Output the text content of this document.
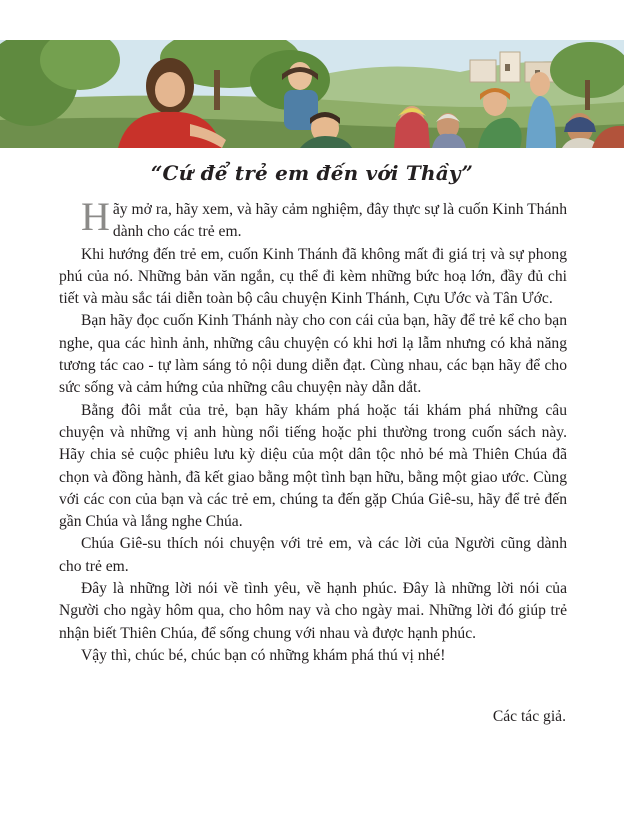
“Cứ để trẻ em đến với Thầy”

Hãy mở ra, hãy xem, và hãy cảm nghiệm, đây thực sự là cuốn Kinh Thánh dành cho các trẻ em.

Khi hướng đến trẻ em, cuốn Kinh Thánh đã không mất đi giá trị và sự phong phú của nó. Những bản văn ngắn, cụ thể đi kèm những bức hoạ lớn, đầy đủ chi tiết và màu sắc tái diễn toàn bộ câu chuyện Kinh Thánh, Cựu Ước và Tân Ước.

Bạn hãy đọc cuốn Kinh Thánh này cho con cái của bạn, hãy để trẻ kể cho bạn nghe, qua các hình ảnh, những câu chuyện có khi hơi lạ lẫm nhưng có khả năng tương tác cao - tự làm sáng tỏ nội dung diễn đạt. Cùng nhau, các bạn hãy để cho sức sống và cảm hứng của những câu chuyện này dẫn dắt.

Bằng đôi mắt của trẻ, bạn hãy khám phá hoặc tái khám phá những câu chuyện và những vị anh hùng nổi tiếng hoặc phi thường trong cuốn sách này. Hãy chia sẻ cuộc phiêu lưu kỳ diệu của một dân tộc nhỏ bé mà Thiên Chúa đã chọn và đồng hành, đã kết giao bằng một tình bạn hữu, bằng một giao ước. Cùng với các con của bạn và các trẻ em, chúng ta đến gặp Chúa Giê-su, hãy để trẻ đến gần Chúa và lắng nghe Chúa.

Chúa Giê-su thích nói chuyện với trẻ em, và các lời của Người cũng dành cho trẻ em.

Đây là những lời nói về tình yêu, về hạnh phúc. Đây là những lời nói của Người cho ngày hôm qua, cho hôm nay và cho ngày mai. Những lời đó giúp trẻ nhận biết Thiên Chúa, để sống chung với nhau và được hạnh phúc.

Vậy thì, chúc bé, chúc bạn có những khám phá thú vị nhé!

Các tác giả.
